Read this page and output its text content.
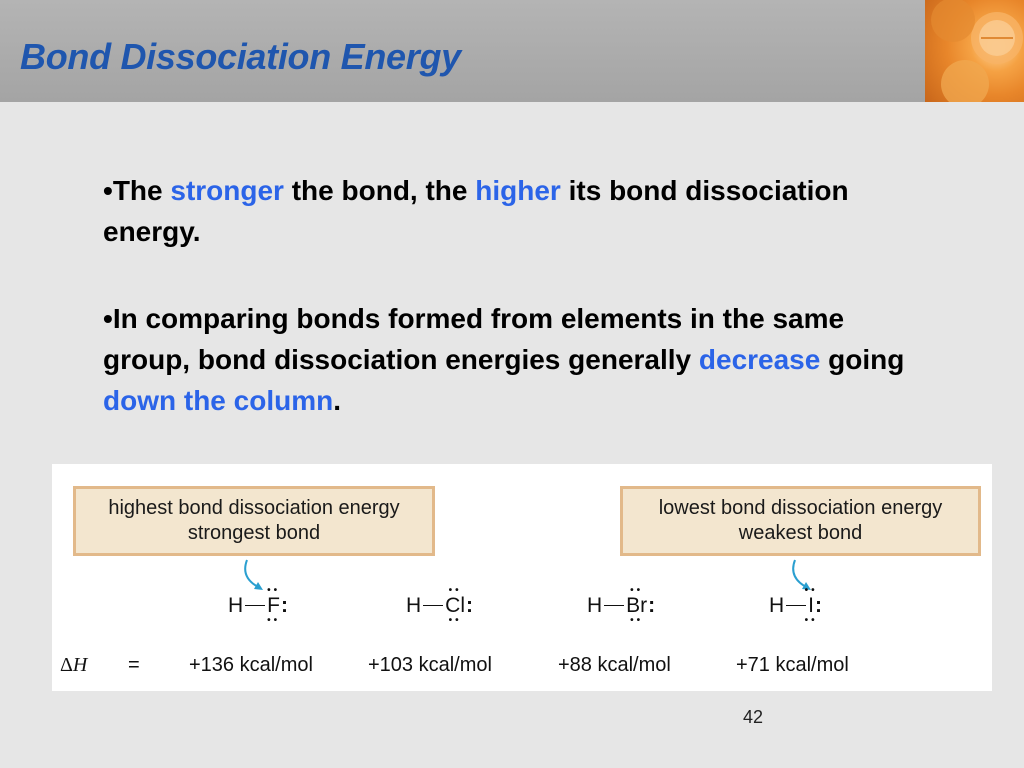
Bond Dissociation Energy

•The stronger the bond, the higher its bond dissociation energy.

•In comparing bonds formed from elements in the same group, bond dissociation energies generally decrease going down the column.

highest bond dissociation energy
strongest bond
lowest bond dissociation energy
weakest bond
H
••
F
••
:	H
••
Cl
••
:	H
••
Br
••
:	H
••
I
••
:
ΔH = +136 kcal/mol	+103 kcal/mol	+88 kcal/mol	+71 kcal/mol
42
